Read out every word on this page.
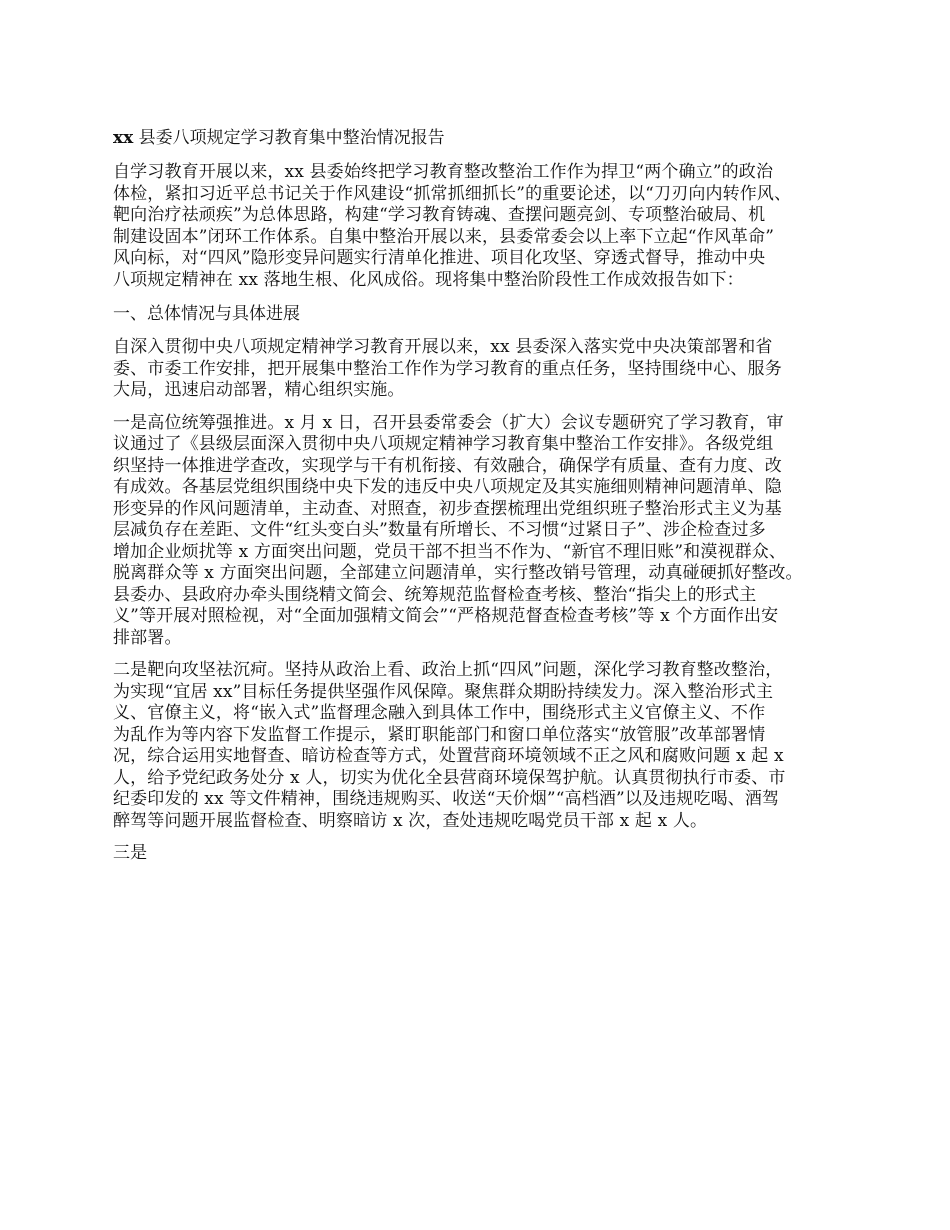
xx 县委八项规定学习教育集中整治情况报告
自学习教育开展以来，xx 县委始终把学习教育整改整治工作作为捍卫“两个确立”的政治
体检，紧扣习近平总书记关于作风建设“抓常抓细抓长”的重要论述，以“刀刃向内转作风、
靶向治疗祛顽疾”为总体思路，构建“学习教育铸魂、查摆问题亮剑、专项整治破局、机
制建设固本”闭环工作体系。自集中整治开展以来，县委常委会以上率下立起“作风革命”
风向标，对“四风”隐形变异问题实行清单化推进、项目化攻坚、穿透式督导，推动中央
八项规定精神在 xx 落地生根、化风成俗。现将集中整治阶段性工作成效报告如下：
一、总体情况与具体进展
自深入贯彻中央八项规定精神学习教育开展以来，xx 县委深入落实党中央决策部署和省
委、市委工作安排，把开展集中整治工作作为学习教育的重点任务，坚持围绕中心、服务
大局，迅速启动部署，精心组织实施。
一是高位统筹强推进。x 月 x 日，召开县委常委会（扩大）会议专题研究了学习教育，审
议通过了《县级层面深入贯彻中央八项规定精神学习教育集中整治工作安排》。各级党组
织坚持一体推进学查改，实现学与干有机衔接、有效融合，确保学有质量、查有力度、改
有成效。各基层党组织围绕中央下发的违反中央八项规定及其实施细则精神问题清单、隐
形变异的作风问题清单，主动查、对照查，初步查摆梳理出党组织班子整治形式主义为基
层减负存在差距、文件“红头变白头”数量有所增长、不习惯“过紧日子”、涉企检查过多
增加企业烦扰等 x 方面突出问题，党员干部不担当不作为、“新官不理旧账”和漠视群众、
脱离群众等 x 方面突出问题，全部建立问题清单，实行整改销号管理，动真碰硬抓好整改。
县委办、县政府办牵头围绕精文简会、统筹规范监督检查考核、整治“指尖上的形式主
义”等开展对照检视，对“全面加强精文简会”“严格规范督查检查考核”等 x 个方面作出安
排部署。
二是靶向攻坚祛沉疴。坚持从政治上看、政治上抓“四风”问题，深化学习教育整改整治，
为实现“宜居 xx”目标任务提供坚强作风保障。聚焦群众期盼持续发力。深入整治形式主
义、官僚主义，将“嵌入式”监督理念融入到具体工作中，围绕形式主义官僚主义、不作
为乱作为等内容下发监督工作提示，紧盯职能部门和窗口单位落实“放管服”改革部署情
况，综合运用实地督查、暗访检查等方式，处置营商环境领域不正之风和腐败问题 x 起 x
人，给予党纪政务处分 x 人，切实为优化全县营商环境保驾护航。认真贯彻执行市委、市
纪委印发的 xx 等文件精神，围绕违规购买、收送“天价烟”“高档酒”以及违规吃喝、酒驾
醉驾等问题开展监督检查、明察暗访 x 次，查处违规吃喝党员干部 x 起 x 人。
三是
